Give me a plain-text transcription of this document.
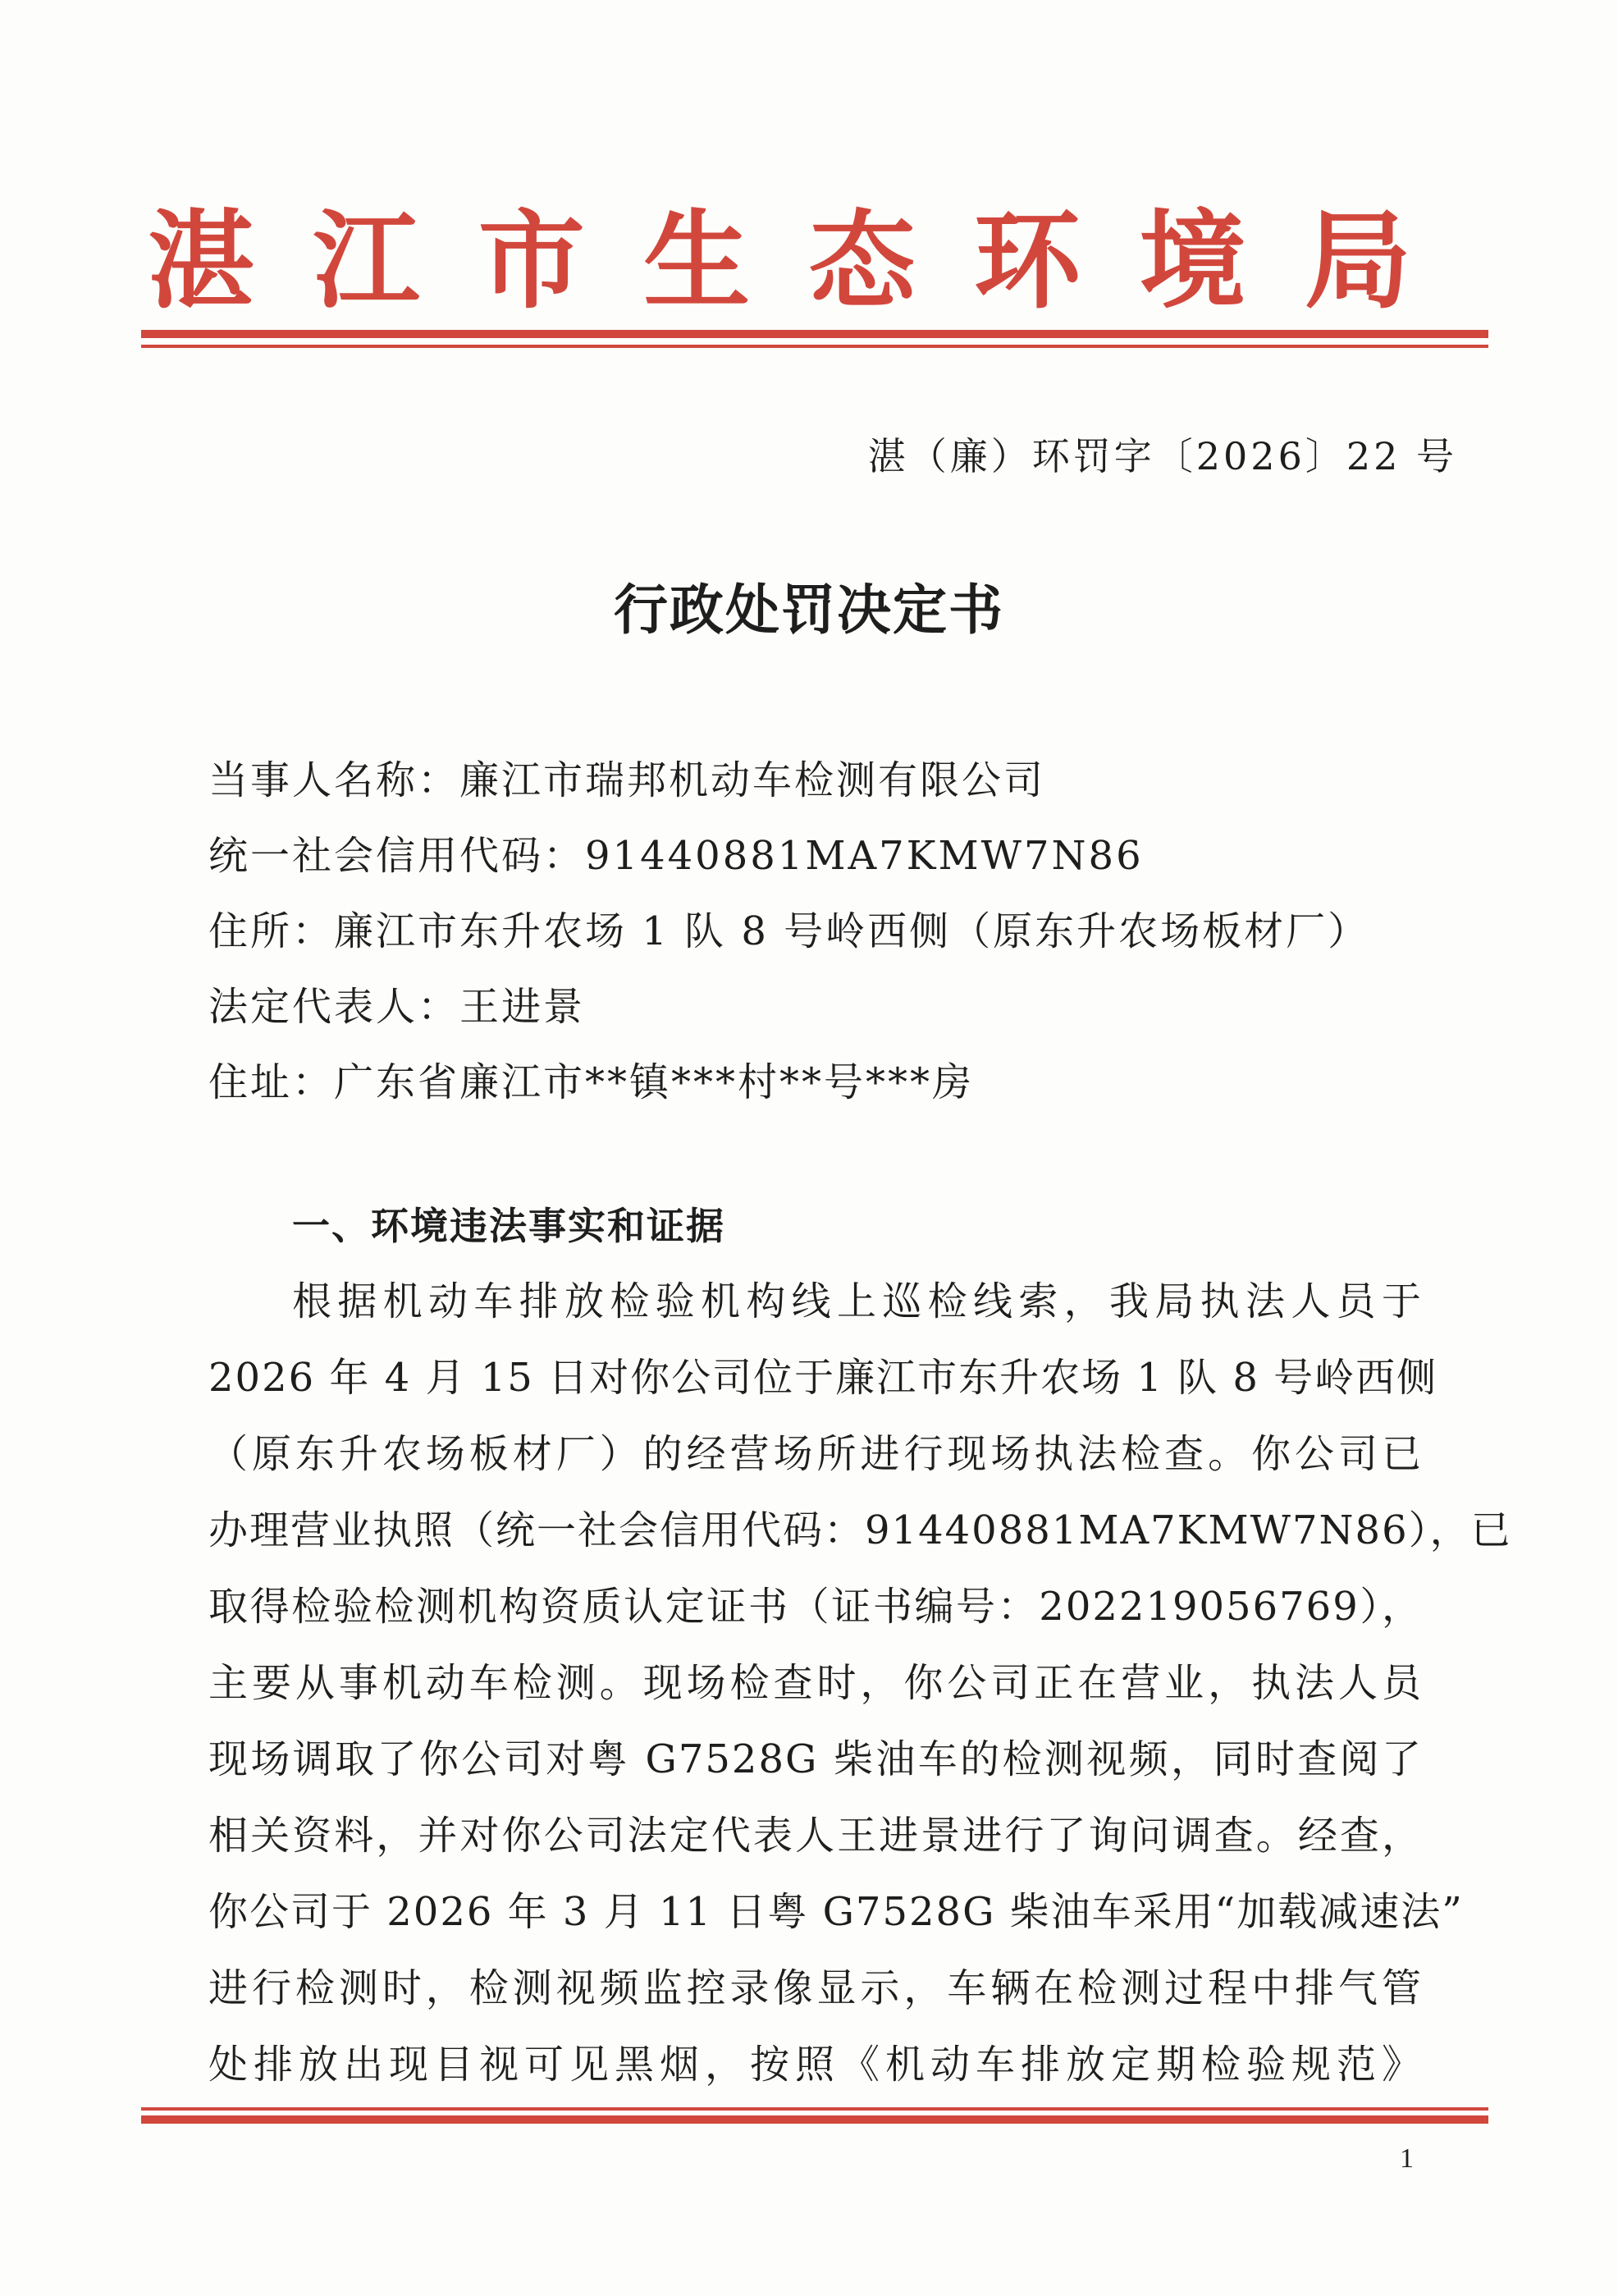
湛 江 市 生 态 环 境 局
湛（廉）环罚字〔2026〕22 号
行政处罚决定书
当事人名称：廉江市瑞邦机动车检测有限公司
统一社会信用代码：91440881MA7KMW7N86
住所：廉江市东升农场 1 队 8 号岭西侧（原东升农场板材厂）
法定代表人：王进景
住址：广东省廉江市**镇***村**号***房
一、环境违法事实和证据
根据机动车排放检验机构线上巡检线索，我局执法人员于
2026 年 4 月 15 日对你公司位于廉江市东升农场 1 队 8 号岭西侧
（原东升农场板材厂）的经营场所进行现场执法检查。你公司已
办理营业执照（统一社会信用代码：91440881MA7KMW7N86），已
取得检验检测机构资质认定证书（证书编号：202219056769），
主要从事机动车检测。现场检查时，你公司正在营业，执法人员
现场调取了你公司对粤 G7528G 柴油车的检测视频，同时查阅了
相关资料，并对你公司法定代表人王进景进行了询问调查。经查，
你公司于 2026 年 3 月 11 日粤 G7528G 柴油车采用“加载减速法”
进行检测时，检测视频监控录像显示，车辆在检测过程中排气管
处排放出现目视可见黑烟，按照《机动车排放定期检验规范》
1
